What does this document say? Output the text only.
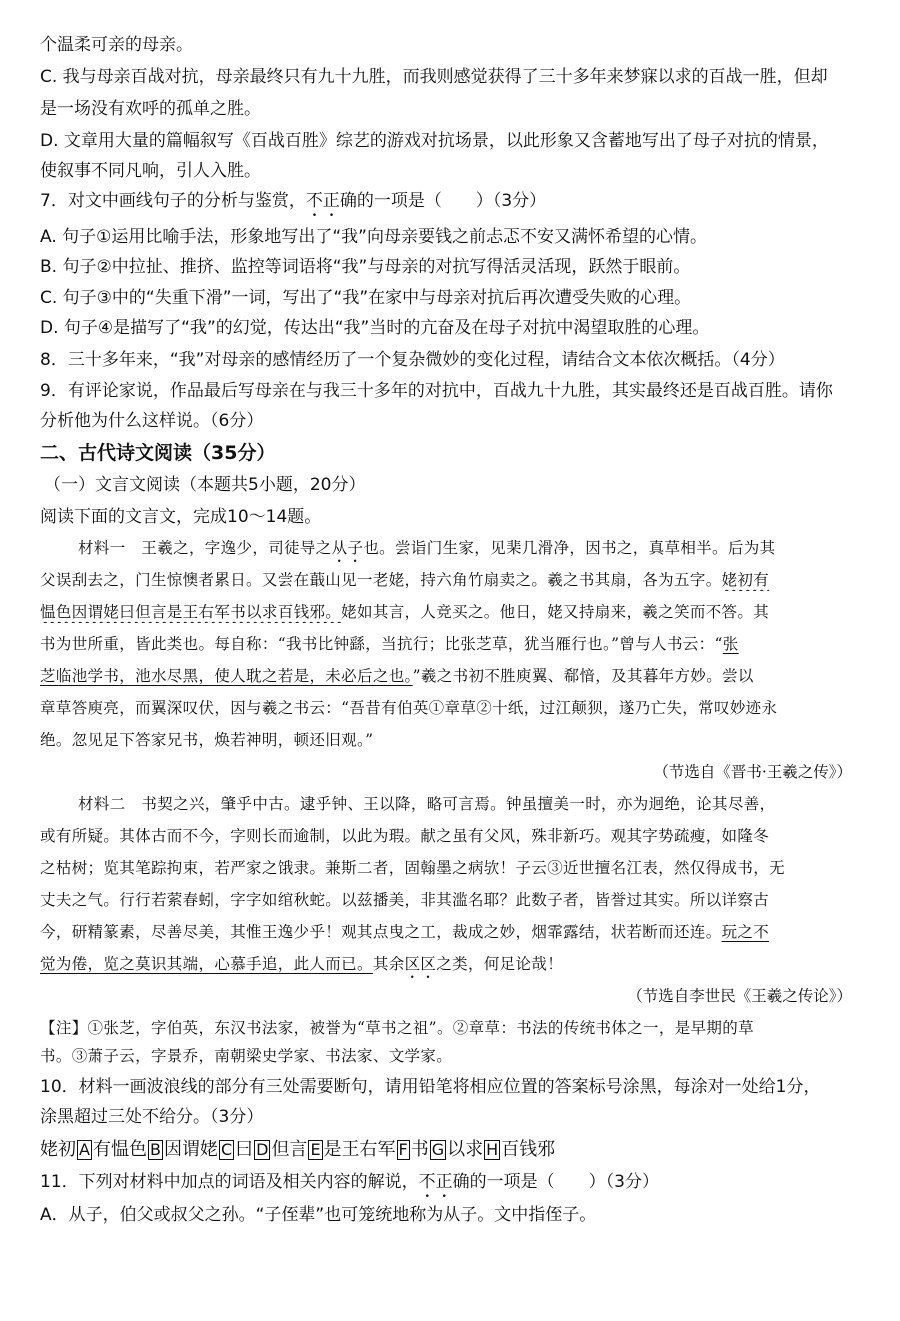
个温柔可亲的母亲。
C. 我与母亲百战对抗，母亲最终只有九十九胜，而我则感觉获得了三十多年来梦寐以求的百战一胜，但却
是一场没有欢呼的孤单之胜。
D. 文章用大量的篇幅叙写《百战百胜》综艺的游戏对抗场景，以此形象又含蓄地写出了母子对抗的情景，
使叙事不同凡响，引人入胜。
7．对文中画线句子的分析与鉴赏，不正确的一项是（　　）（3分）
A. 句子①运用比喻手法，形象地写出了“我”向母亲要钱之前忐忑不安又满怀希望的心情。
B. 句子②中拉扯、推挤、监控等词语将“我”与母亲的对抗写得活灵活现，跃然于眼前。
C. 句子③中的“失重下滑”一词，写出了“我”在家中与母亲对抗后再次遭受失败的心理。
D. 句子④是描写了“我”的幻觉，传达出“我”当时的亢奋及在母子对抗中渴望取胜的心理。
8．三十多年来，“我”对母亲的感情经历了一个复杂微妙的变化过程，请结合文本依次概括。（4分）
9．有评论家说，作品最后写母亲在与我三十多年的对抗中，百战九十九胜，其实最终还是百战百胜。请你
分析他为什么这样说。（6分）
二、古代诗文阅读（35分）
（一）文言文阅读（本题共5小题，20分）
阅读下面的文言文，完成10～14题。
材料一　王羲之，字逸少，司徒导之从子也。尝诣门生家，见棐几滑净，因书之，真草相半。后为其
父误刮去之，门生惊懊者累日。又尝在蕺山见一老姥，持六角竹扇卖之。羲之书其扇，各为五字。姥初有
愠色因谓姥曰但言是王右军书以求百钱邪。姥如其言，人竞买之。他日，姥又持扇来，羲之笑而不答。其
书为世所重，皆此类也。每自称：“我书比钟繇，当抗行；比张芝草，犹当雁行也。”曾与人书云：“张
芝临池学书，池水尽黑，使人耽之若是，未必后之也。”羲之书初不胜庾翼、郗愔，及其暮年方妙。尝以
章草答庾亮，而翼深叹伏，因与羲之书云：“吾昔有伯英①章草②十纸，过江颠狈，遂乃亡失，常叹妙迹永
绝。忽见足下答家兄书，焕若神明，顿还旧观。”
（节选自《晋书·王羲之传》）
材料二　书契之兴，肇乎中古。逮乎钟、王以降，略可言焉。钟虽擅美一时，亦为迥绝，论其尽善，
或有所疑。其体古而不今，字则长而逾制，以此为瑕。献之虽有父风，殊非新巧。观其字势疏瘦，如隆冬
之枯树；览其笔踪拘束，若严家之饿隶。兼斯二者，固翰墨之病欤！子云③近世擅名江表，然仅得成书，无
丈夫之气。行行若萦春蚓，字字如绾秋蛇。以兹播美，非其滥名耶？此数子者，皆誉过其实。所以详察古
今，研精篆素，尽善尽美，其惟王逸少乎！观其点曳之工，裁成之妙，烟霏露结，状若断而还连。玩之不
觉为倦，览之莫识其端，心慕手追，此人而已。其余区区之类，何足论哉！
（节选自李世民《王羲之传论》）
【注】①张芝，字伯英，东汉书法家，被誉为“草书之祖”。②章草：书法的传统书体之一，是早期的草
书。③萧子云，字景乔，南朝梁史学家、书法家、文学家。
10．材料一画波浪线的部分有三处需要断句，请用铅笔将相应位置的答案标号涂黑，每涂对一处给1分，
涂黑超过三处不给分。（3分）
姥初 A 有愠色 B 因谓姥 C 曰 D 但言 E 是王右军 F 书 G 以求 H 百钱邪
11．下列对材料中加点的词语及相关内容的解说，不正确的一项是（　　）（3分）
A．从子，伯父或叔父之孙。“子侄辈”也可笼统地称为从子。文中指侄子。
